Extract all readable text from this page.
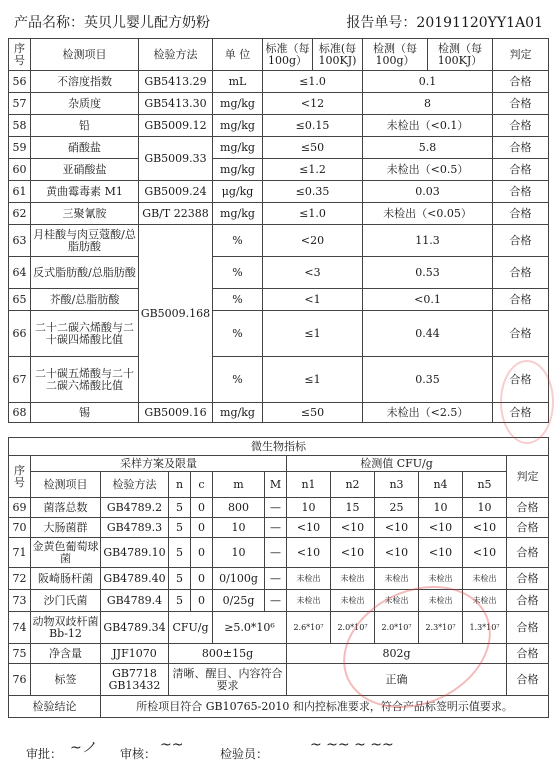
产品名称：英贝儿婴儿配方奶粉	报告单号：20191120YY1A01
序号	检测项目	检验方法	单 位	标准（每100g）	标准(每100KJ)	检测（每100g）	检测（每100KJ）	判定
56	不溶度指数	GB5413.29	mL	≤1.0		0.1		合格
57	杂质度	GB5413.30	mg/kg	<12		8		合格
58	铅	GB5009.12	mg/kg	≤0.15		未检出（<0.1）		合格
59	硝酸盐	GB5009.33	mg/kg	≤50		5.8		合格
60	亚硝酸盐		mg/kg	≤1.2		未检出（<0.5）		合格
61	黄曲霉毒素 M1	GB5009.24	μg/kg	≤0.35		0.03		合格
62	三聚氰胺	GB/T 22388	mg/kg	≤1.0		未检出（<0.05）		合格
63	月桂酸与肉豆蔻酸/总脂肪酸	GB5009.168	%	<20		11.3		合格
64	反式脂肪酸/总脂肪酸		%	<3		0.53		合格
65	芥酸/总脂肪酸		%	<1		<0.1		合格
66	二十二碳六烯酸与二十碳四烯酸比值		%	≤1		0.44		合格
67	二十碳五烯酸与二十二碳六烯酸比值		%	≤1		0.35		合格
68	锡	GB5009.16	mg/kg	≤50		未检出（<2.5）		合格
微生物指标												
序号	采样方案及限量						检测值 CFU/g					判定
	检测项目	检验方法	n	c	m	M	n1	n2	n3	n4	n5	
69	菌落总数	GB4789.2	5	0	800	—	10	15	25	10	10	合格
70	大肠菌群	GB4789.3	5	0	10	—	<10	<10	<10	<10	<10	合格
71	金黄色葡萄球菌	GB4789.10	5	0	10	—	<10	<10	<10	<10	<10	合格
72	阪崎肠杆菌	GB4789.40	5	0	0/100g	—	未检出	未检出	未检出	未检出	未检出	合格
73	沙门氏菌	GB4789.4	5	0	0/25g	—	未检出	未检出	未检出	未检出	未检出	合格
74	动物双歧杆菌 Bb-12	GB4789.34	CFU/g		≥5.0*10⁶		2.6*10⁷	2.0*10⁷	2.0*10⁷	2.3*10⁷	1.3*10⁷	合格
75	净含量	JJF1070	800±15g				802g					合格
76	标签	GB7718 GB13432	清晰、醒目、内容符合要求				正确					合格
检验结论		所检项目符合 GB10765-2010 和内控标准要求，符合产品标签明示值要求。										
审批： ~ノ 审核：
~~
检验员：
~ ~~ ~ ~~
